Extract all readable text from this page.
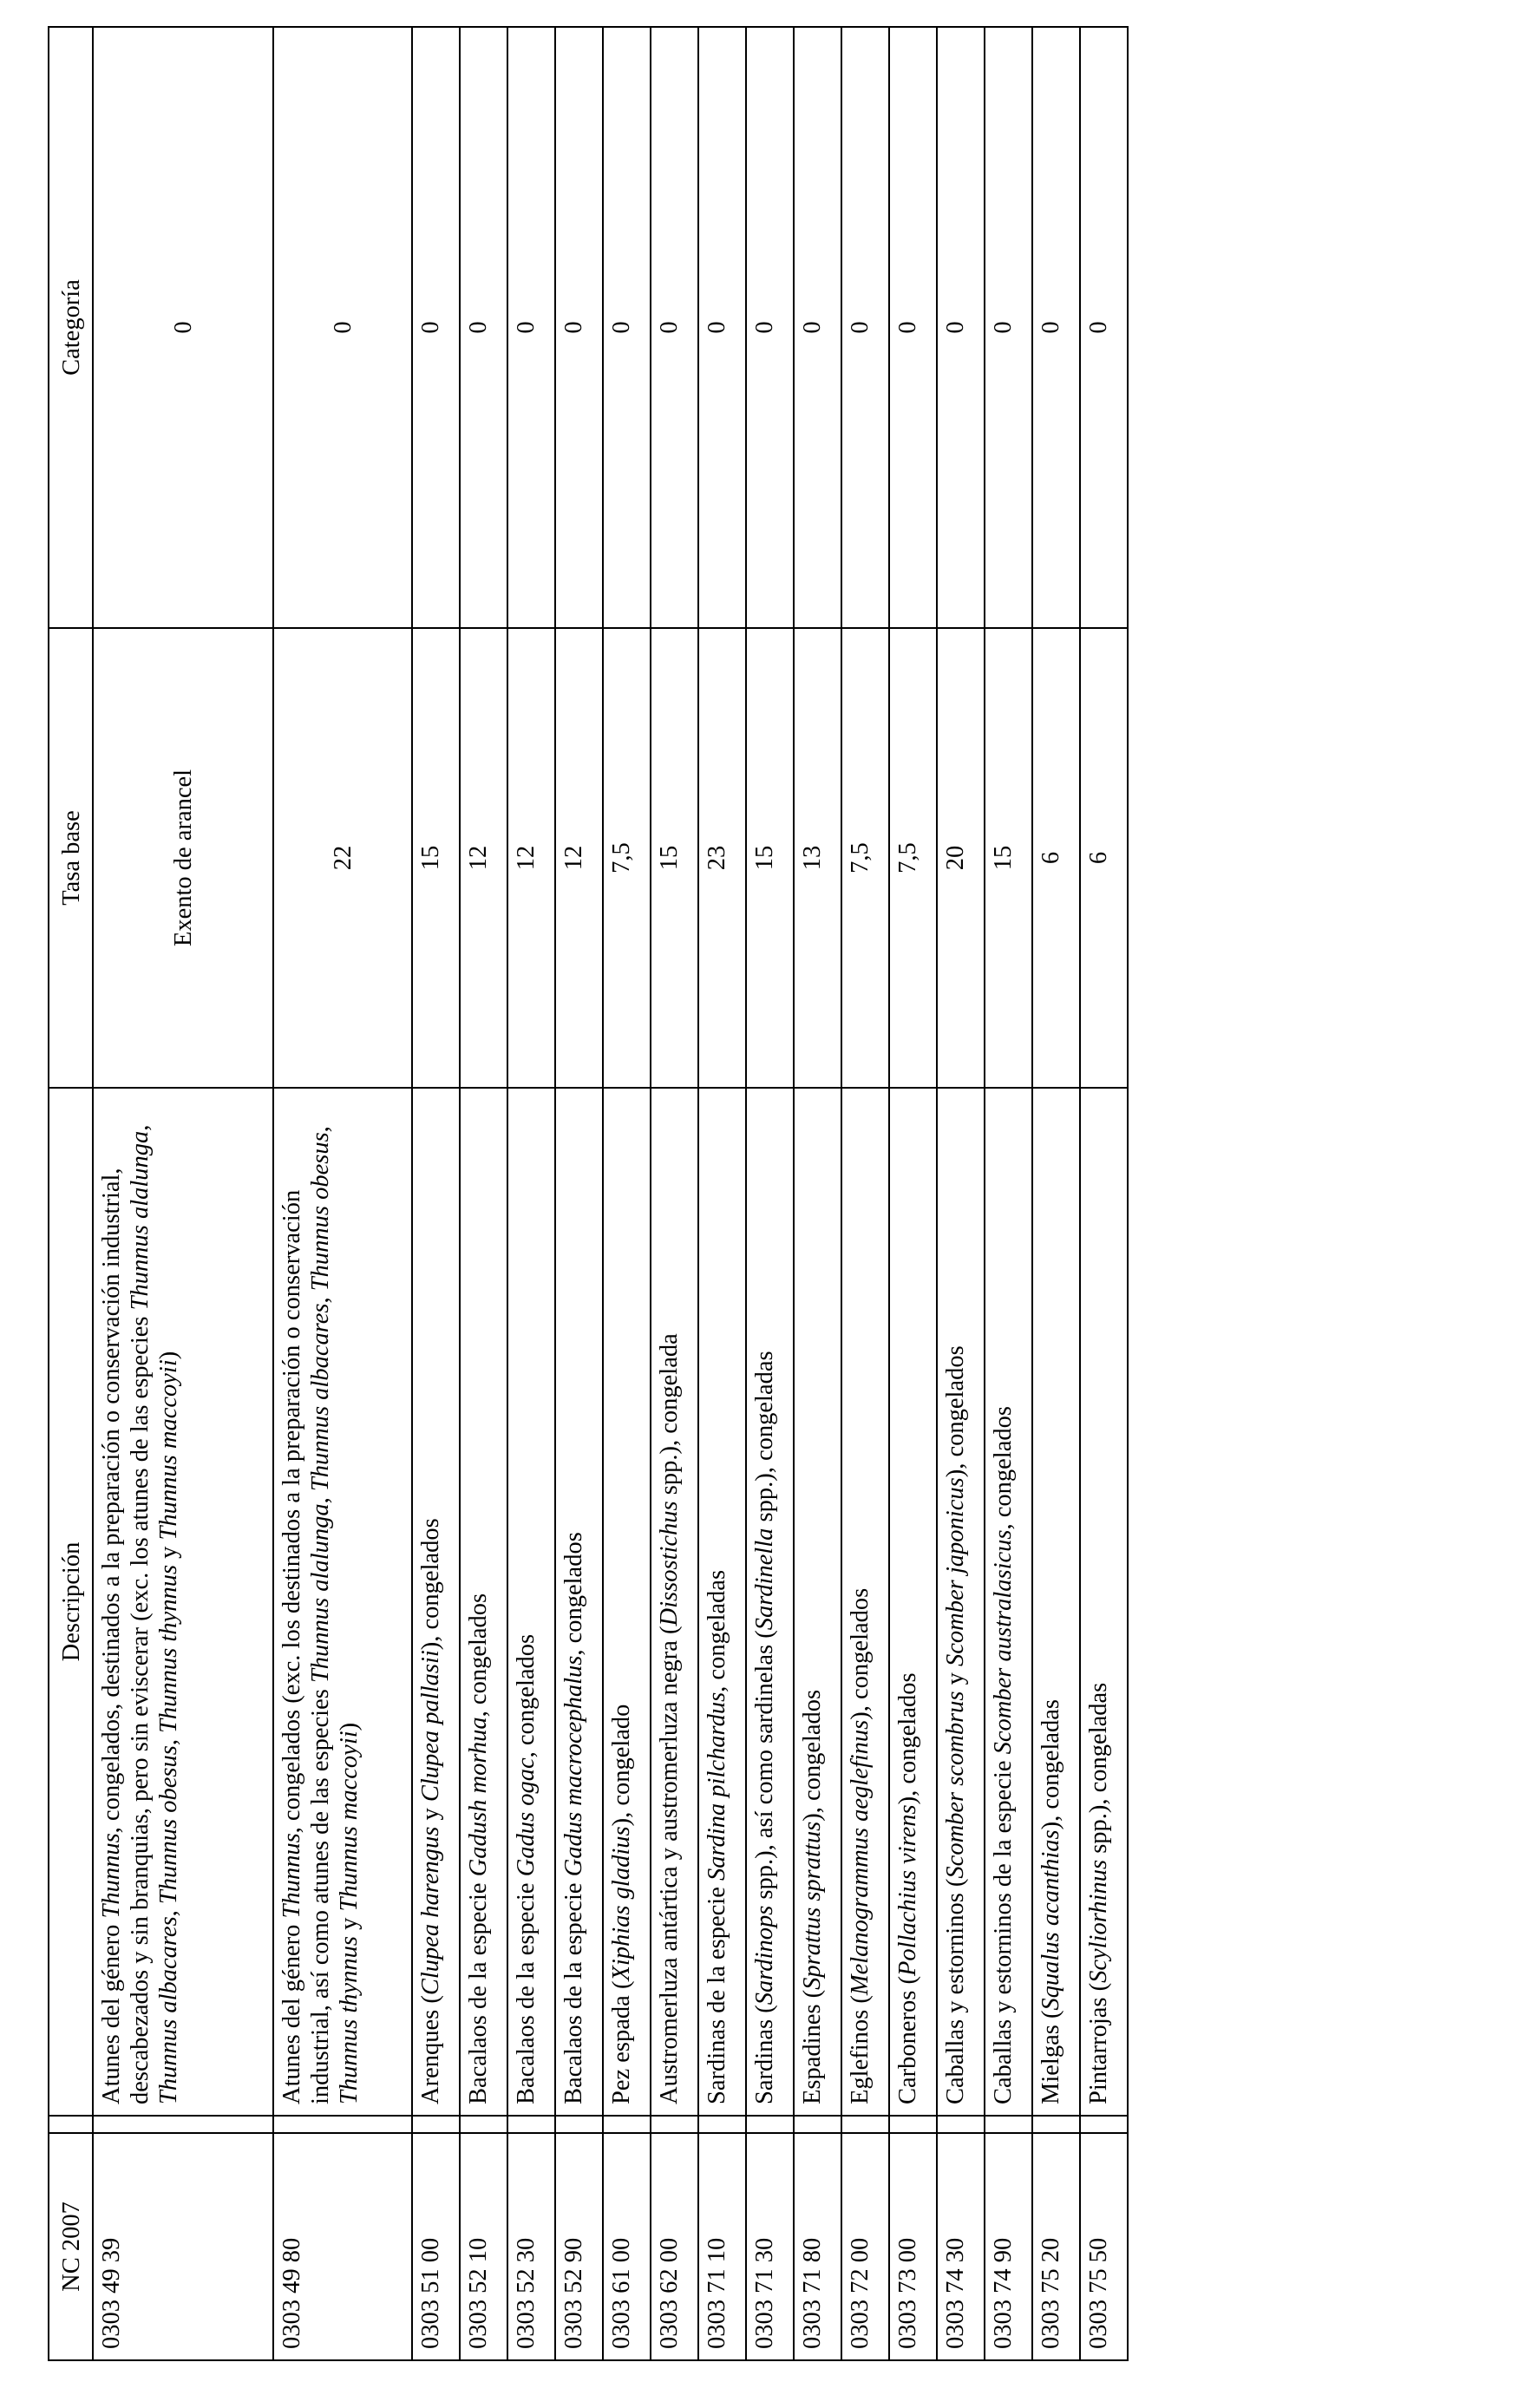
NC 2007		Descripción	Tasa base	Categoría
0303 49 39		Atunes del género Thunnus, congelados, destinados a la preparación o conservación industrial, descabezados y sin branquias, pero sin eviscerar (exc. los atunes de las especies Thunnus alalunga, Thunnus albacares, Thunnus obesus, Thunnus thynnus y Thunnus maccoyii)	Exento de arancel	0
0303 49 80		Atunes del género Thunnus, congelados (exc. los destinados a la preparación o conservación industrial, así como atunes de las especies Thunnus alalunga, Thunnus albacares, Thunnus obesus, Thunnus thynnus y Thunnus maccoyii)	22	0
0303 51 00		Arenques (Clupea harengus y Clupea pallasii), congelados	15	0
0303 52 10		Bacalaos de la especie Gadush morhua, congelados	12	0
0303 52 30		Bacalaos de la especie Gadus ogac, congelados	12	0
0303 52 90		Bacalaos de la especie Gadus macrocephalus, congelados	12	0
0303 61 00		Pez espada (Xiphias gladius), congelado	7,5	0
0303 62 00		Austromerluza antártica y austromerluza negra (Dissostichus spp.), congelada	15	0
0303 71 10		Sardinas de la especie Sardina pilchardus, congeladas	23	0
0303 71 30		Sardinas (Sardinops spp.), así como sardinelas (Sardinella spp.), congeladas	15	0
0303 71 80		Espadines (Sprattus sprattus), congelados	13	0
0303 72 00		Eglefinos (Melanogrammus aeglefinus), congelados	7,5	0
0303 73 00		Carboneros (Pollachius virens), congelados	7,5	0
0303 74 30		Caballas y estorninos (Scomber scombrus y Scomber japonicus), congelados	20	0
0303 74 90		Caballas y estorninos de la especie Scomber australasicus, congelados	15	0
0303 75 20		Mielgas (Squalus acanthias), congeladas	6	0
0303 75 50		Pintarrojas (Scyliorhinus spp.), congeladas	6	0
